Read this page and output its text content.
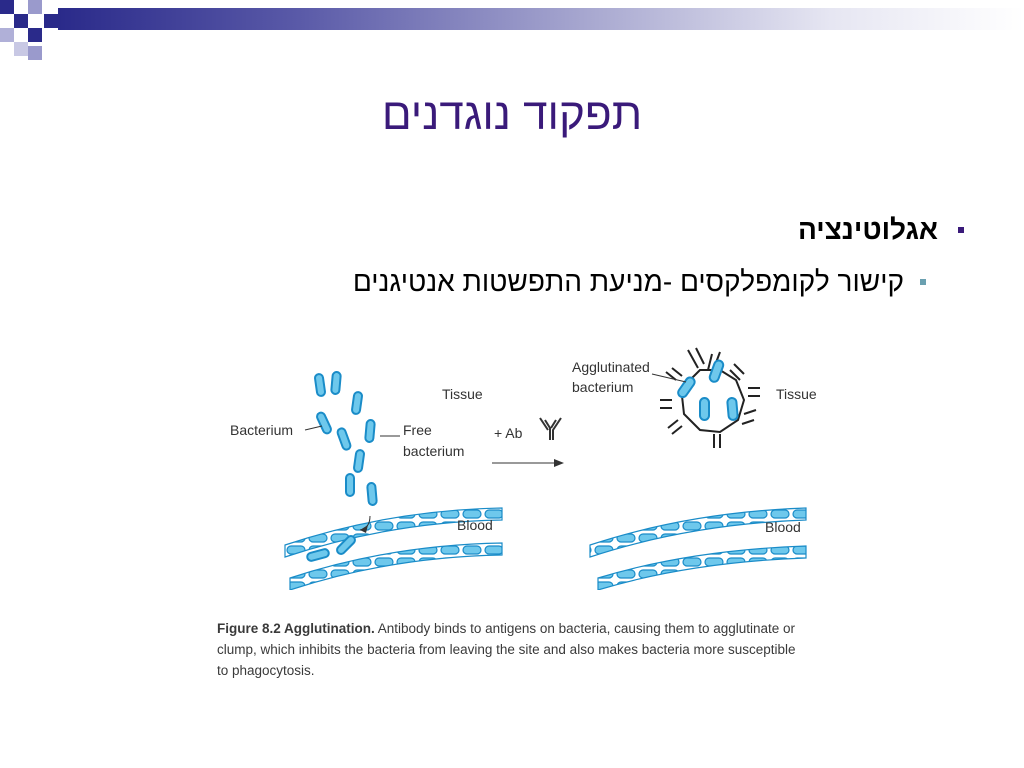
תפקוד נוגדנים
אגלוטינציה
קישור לקומפלקסים -מניעת התפשטות אנטיגנים
Bacterium	Free
bacterium
Tissue
Blood
+ Ab
Agglutinated
bacterium	Tissue
Blood
Figure 8.2 Agglutination. Antibody binds to antigens on bacteria, causing them to agglutinate or clump, which inhibits the bacteria from leaving the site and also makes bacteria more susceptible to phagocytosis.
